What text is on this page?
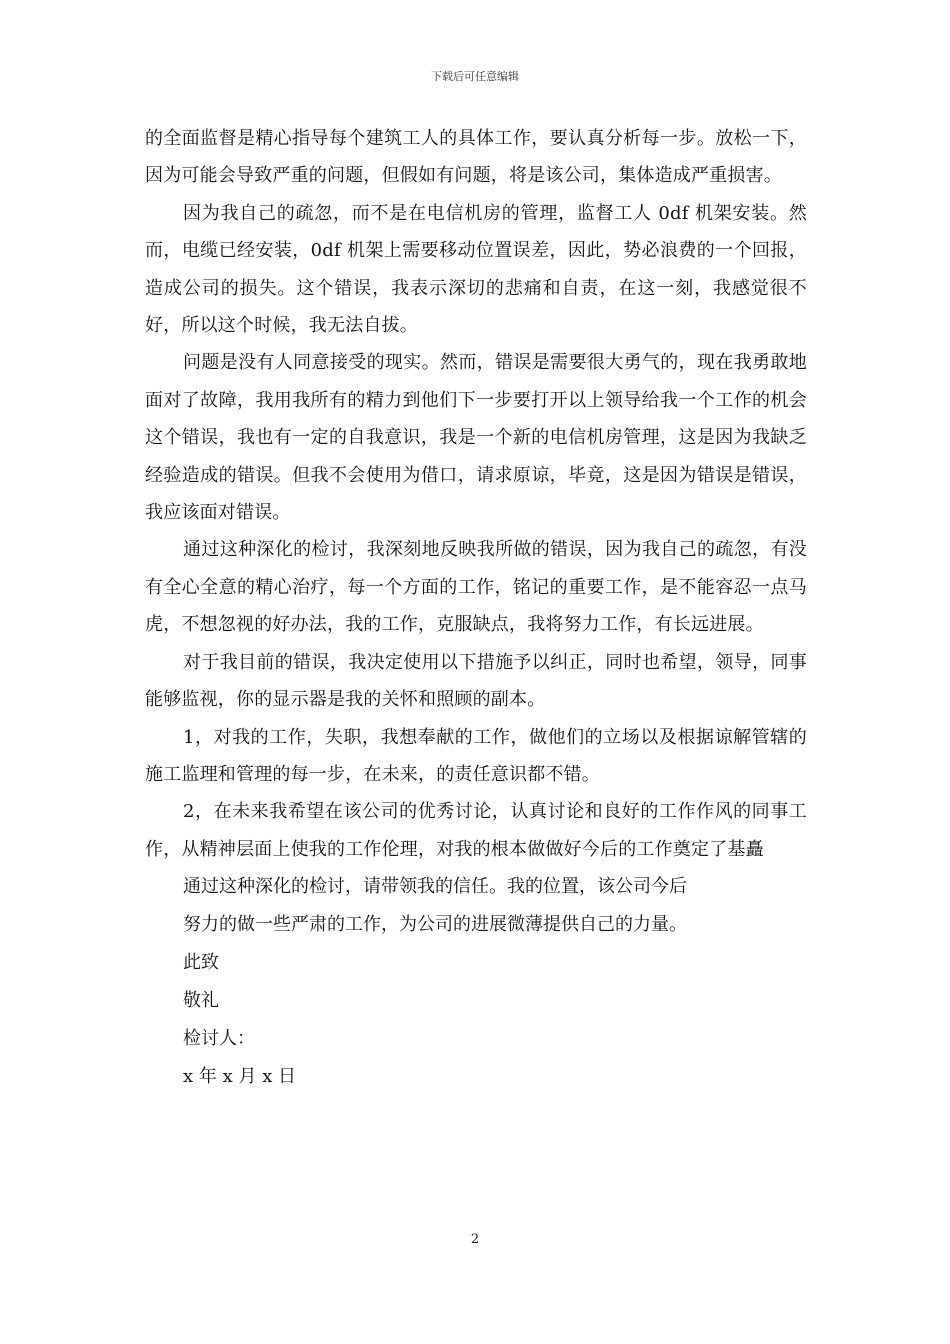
下载后可任意编辑

的全面监督是精心指导每个建筑工人的具体工作，要认真分析每一步。放松一下，因为可能会导致严重的问题，但假如有问题，将是该公司，集体造成严重损害。

因为我自己的疏忽，而不是在电信机房的管理，监督工人 0df 机架安装。然而，电缆已经安装，0df 机架上需要移动位置误差，因此，势必浪费的一个回报，造成公司的损失。这个错误，我表示深切的悲痛和自责，在这一刻，我感觉很不好，所以这个时候，我无法自拔。

问题是没有人同意接受的现实。然而，错误是需要很大勇气的，现在我勇敢地面对了故障，我用我所有的精力到他们下一步要打开以上领导给我一个工作的机会这个错误，我也有一定的自我意识，我是一个新的电信机房管理，这是因为我缺乏经验造成的错误。但我不会使用为借口，请求原谅，毕竟，这是因为错误是错误，我应该面对错误。

通过这种深化的检讨，我深刻地反映我所做的错误，因为我自己的疏忽，有没有全心全意的精心治疗，每一个方面的工作，铭记的重要工作，是不能容忍一点马虎，不想忽视的好办法，我的工作，克服缺点，我将努力工作，有长远进展。

对于我目前的错误，我决定使用以下措施予以纠正，同时也希望，领导，同事能够监视，你的显示器是我的关怀和照顾的副本。

1，对我的工作，失职，我想奉献的工作，做他们的立场以及根据谅解管辖的施工监理和管理的每一步，在未来，的责任意识都不错。

2，在未来我希望在该公司的优秀讨论，认真讨论和良好的工作作风的同事工作，从精神层面上使我的工作伦理，对我的根本做做好今后的工作奠定了基矗

通过这种深化的检讨，请带领我的信任。我的位置，该公司今后

努力的做一些严肃的工作，为公司的进展微薄提供自己的力量。

此致

敬礼

检讨人：

x 年 x 月 x 日

2
